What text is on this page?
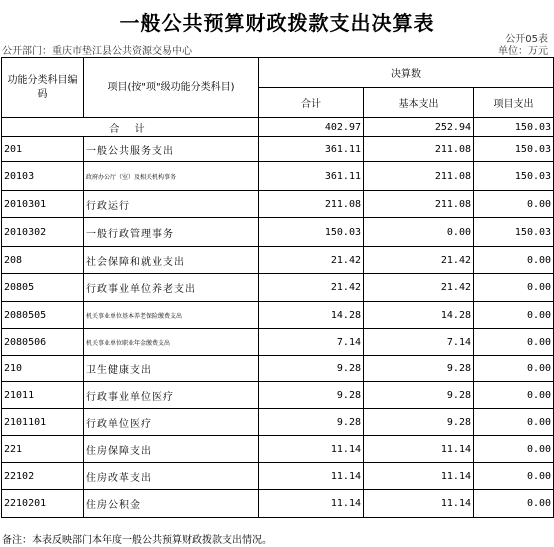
一般公共预算财政拨款支出决算表
公开05表
公开部门：重庆市垫江县公共资源交易中心	单位：万元
功能分类科目编码	项目(按"项"级功能分类科目)	决算数		
		合计	基本支出	项目支出
合 计		402.97	252.94	150.03
201	一般公共服务支出	361.11	211.08	150.03
20103	政府办公厅（室）及相关机构事务	361.11	211.08	150.03
2010301	行政运行	211.08	211.08	0.00
2010302	一般行政管理事务	150.03	0.00	150.03
208	社会保障和就业支出	21.42	21.42	0.00
20805	行政事业单位养老支出	21.42	21.42	0.00
2080505	机关事业单位基本养老保险缴费支出	14.28	14.28	0.00
2080506	机关事业单位职业年金缴费支出	7.14	7.14	0.00
210	卫生健康支出	9.28	9.28	0.00
21011	行政事业单位医疗	9.28	9.28	0.00
2101101	行政单位医疗	9.28	9.28	0.00
221	住房保障支出	11.14	11.14	0.00
22102	住房改革支出	11.14	11.14	0.00
2210201	住房公积金	11.14	11.14	0.00
备注：本表反映部门本年度一般公共预算财政拨款支出情况。
